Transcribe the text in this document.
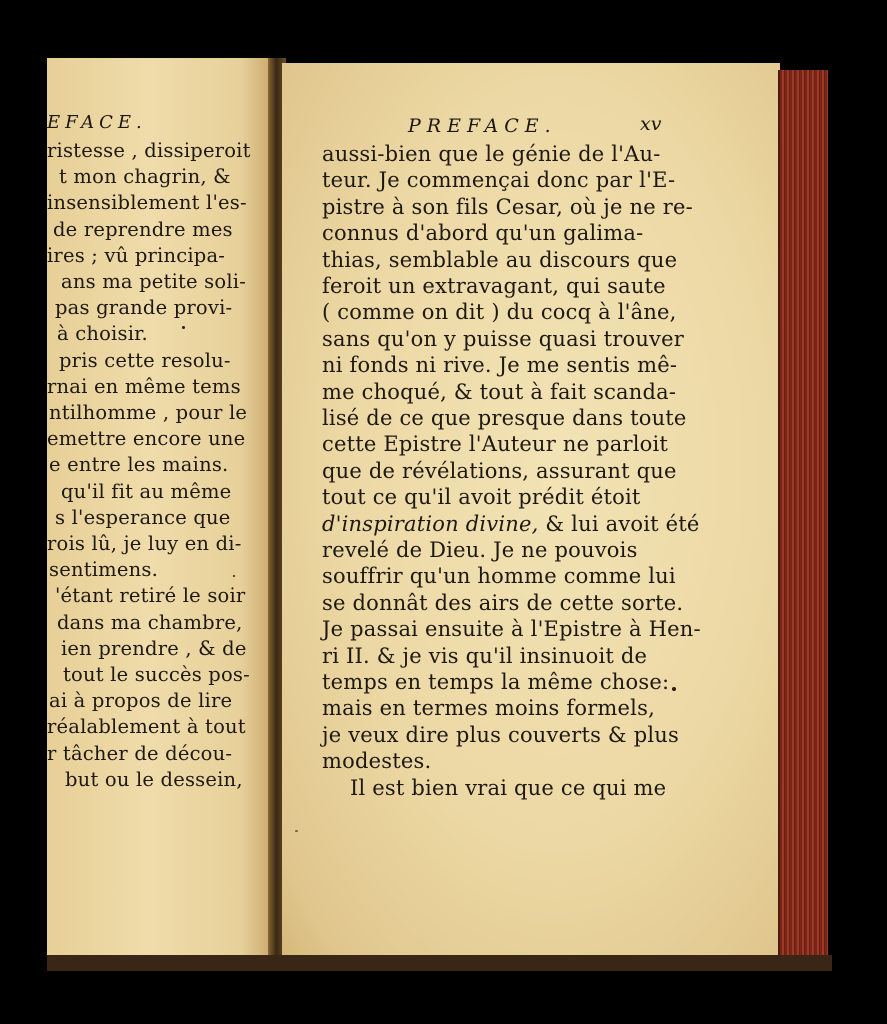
EFACE.
ristesse , dissiperoit
t mon chagrin, &
insensiblement l'es-
de reprendre mes
ires ; vû principa-
ans ma petite soli-
pas grande provi-
à choisir.
pris cette resolu-
rnai en même tems
ntilhomme , pour le
emettre encore une
e entre les mains.
qu'il fit au même
s l'esperance que
rois lû, je luy en di-
sentimens.
'étant retiré le soir
dans ma chambre,
ien prendre , & de
tout le succès pos-
ai à propos de lire
réalablement à tout
r tâcher de décou-
but ou le dessein,
PREFACE.	xv
aussi-bien que le génie de l'Au-
teur. Je commençai donc par l'E-
pistre à son fils Cesar, où je ne re-
connus d'abord qu'un galima-
thias, semblable au discours que
feroit un extravagant, qui saute
( comme on dit ) du cocq à l'âne,
sans qu'on y puisse quasi trouver
ni fonds ni rive. Je me sentis mê-
me choqué, & tout à fait scanda-
lisé de ce que presque dans toute
cette Epistre l'Auteur ne parloit
que de révélations, assurant que
tout ce qu'il avoit prédit étoit
d'inspiration divine, & lui avoit été
revelé de Dieu. Je ne pouvois
souffrir qu'un homme comme lui
se donnât des airs de cette sorte.
Je passai ensuite à l'Epistre à Hen-
ri II. & je vis qu'il insinuoit de
temps en temps la même chose:
mais en termes moins formels,
je veux dire plus couverts & plus
modestes.
Il est bien vrai que ce qui me
